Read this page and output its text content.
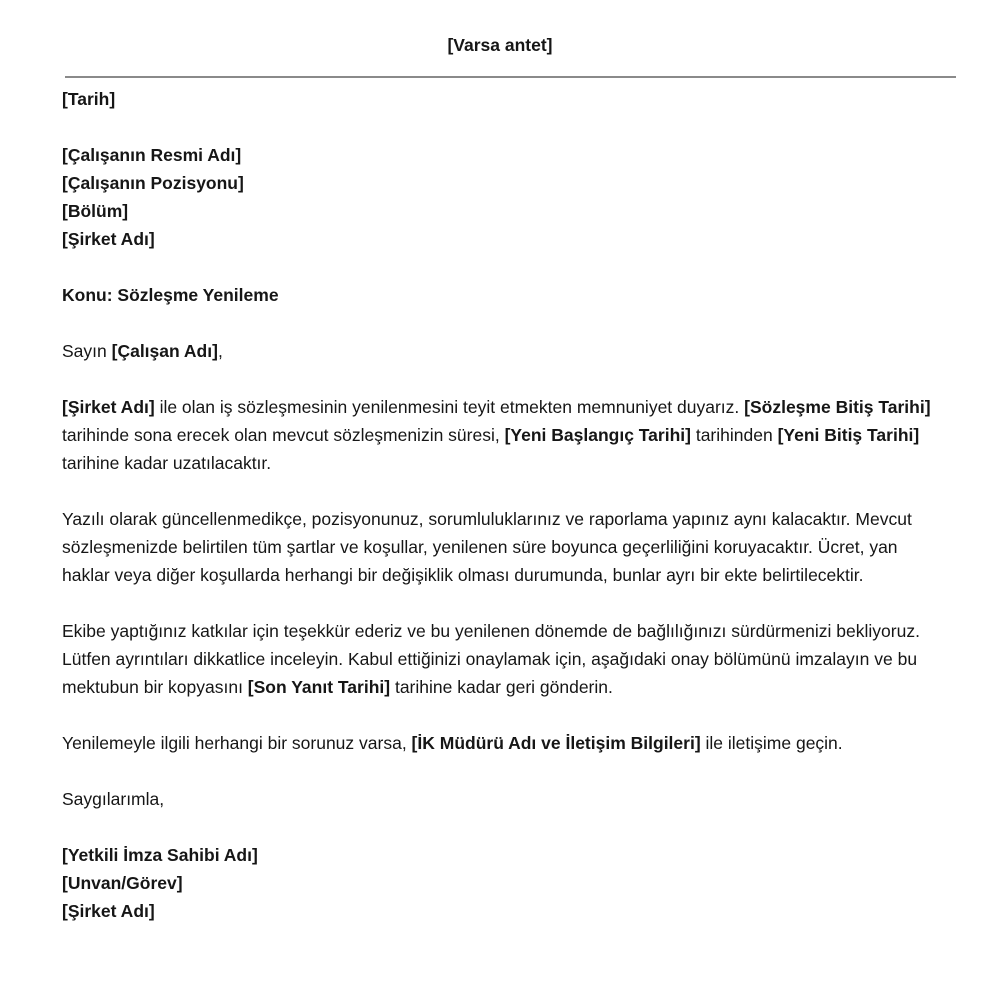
[Varsa antet]

[Tarih]

[Çalışanın Resmi Adı]
[Çalışanın Pozisyonu]
[Bölüm]
[Şirket Adı]

Konu: Sözleşme Yenileme

Sayın [Çalışan Adı],

[Şirket Adı] ile olan iş sözleşmesinin yenilenmesini teyit etmekten memnuniyet duyarız. [Sözleşme Bitiş Tarihi] tarihinde sona erecek olan mevcut sözleşmenizin süresi, [Yeni Başlangıç Tarihi] tarihinden [Yeni Bitiş Tarihi] tarihine kadar uzatılacaktır.

Yazılı olarak güncellenmedikçe, pozisyonunuz, sorumluluklarınız ve raporlama yapınız aynı kalacaktır. Mevcut sözleşmenizde belirtilen tüm şartlar ve koşullar, yenilenen süre boyunca geçerliliğini koruyacaktır. Ücret, yan haklar veya diğer koşullarda herhangi bir değişiklik olması durumunda, bunlar ayrı bir ekte belirtilecektir.

Ekibe yaptığınız katkılar için teşekkür ederiz ve bu yenilenen dönemde de bağlılığınızı sürdürmenizi bekliyoruz. Lütfen ayrıntıları dikkatlice inceleyin. Kabul ettiğinizi onaylamak için, aşağıdaki onay bölümünü imzalayın ve bu mektubun bir kopyasını [Son Yanıt Tarihi] tarihine kadar geri gönderin.

Yenilemeyle ilgili herhangi bir sorunuz varsa, [İK Müdürü Adı ve İletişim Bilgileri] ile iletişime geçin.

Saygılarımla,

[Yetkili İmza Sahibi Adı]
[Unvan/Görev]
[Şirket Adı]
